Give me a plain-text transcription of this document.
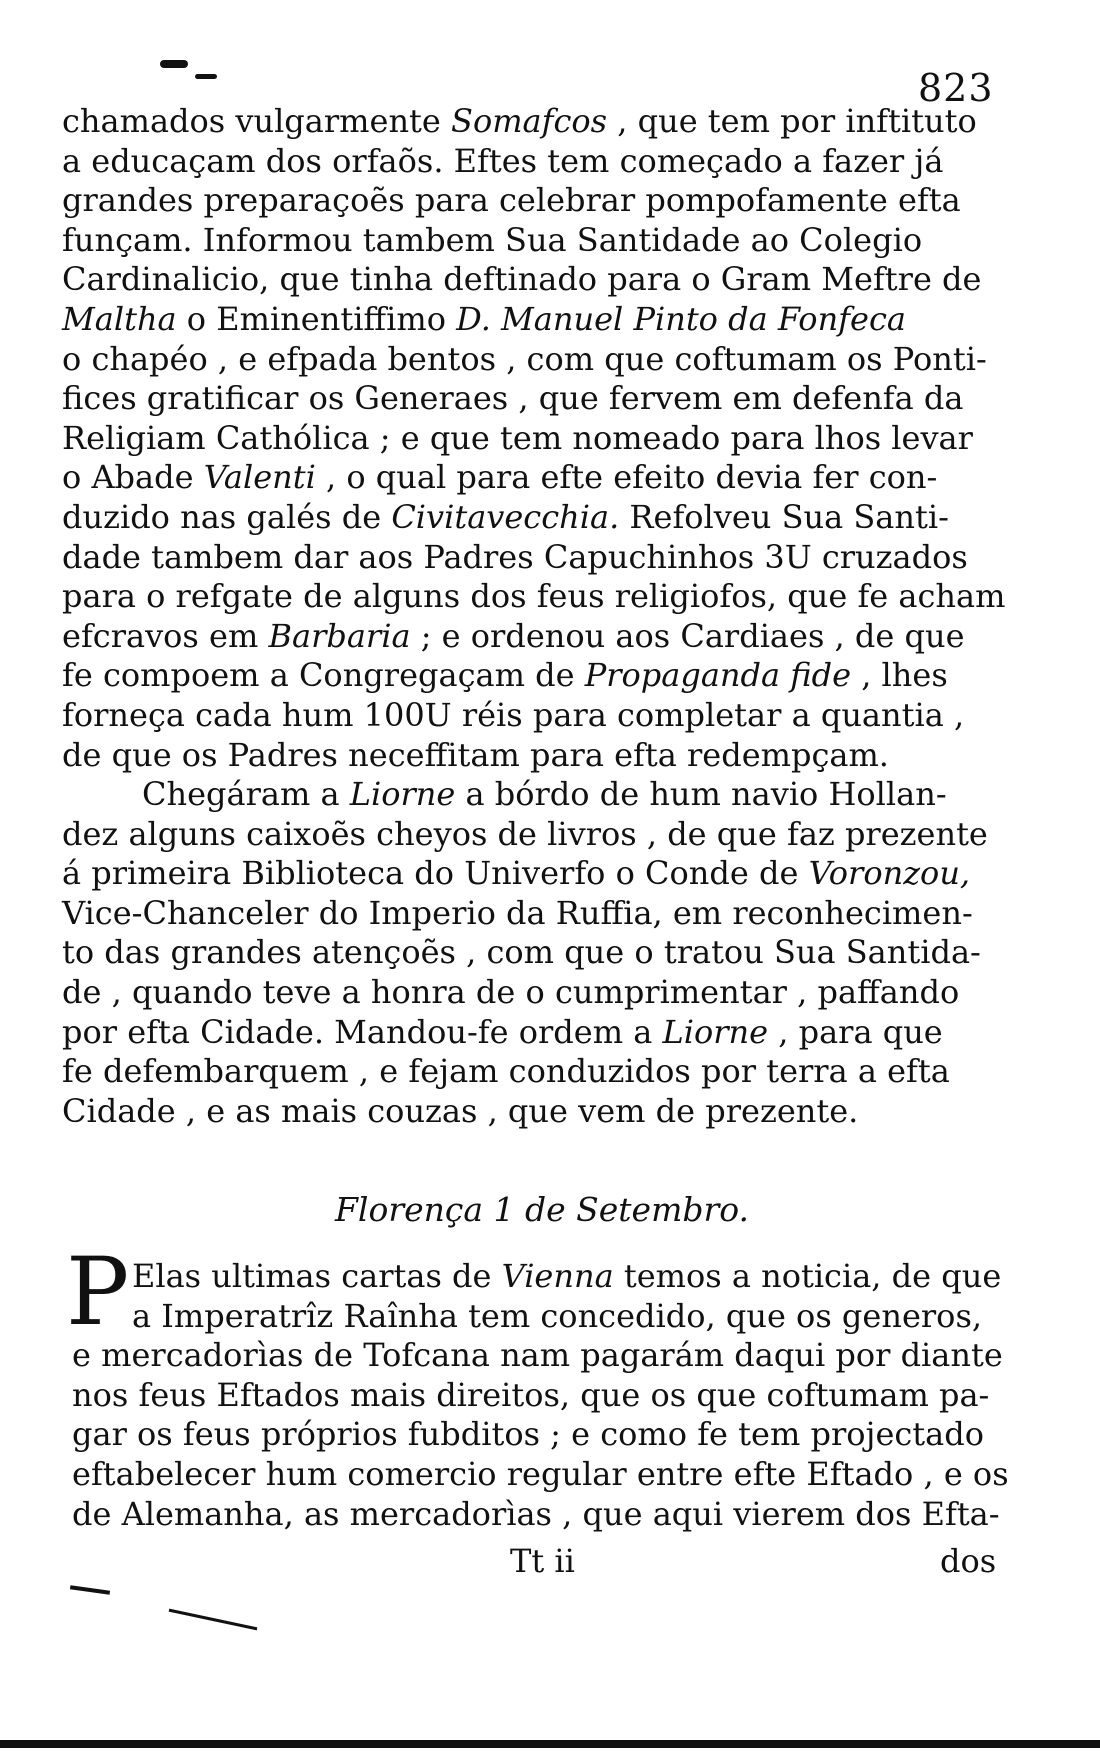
823
chamados vulgarmente Somafcos , que tem por inftituto
a educaçam dos orfaõs. Eftes tem começado a fazer já
grandes preparaçoẽs para celebrar pompofamente efta
funçam. Informou tambem Sua Santidade ao Colegio
Cardinalicio, que tinha deftinado para o Gram Meftre de
Maltha o Eminentiffimo D. Manuel Pinto da Fonfeca
o chapéo , e efpada bentos , com que coftumam os Ponti-
fices gratificar os Generaes , que fervem em defenfa da
Religiam Cathólica ; e que tem nomeado para lhos levar
o Abade Valenti , o qual para efte efeito devia fer con-
duzido nas galés de Civitavecchia. Refolveu Sua Santi-
dade tambem dar aos Padres Capuchinhos 3U cruzados
para o refgate de alguns dos feus religiofos, que fe acham
efcravos em Barbaria ; e ordenou aos Cardiaes , de que
fe compoem a Congregaçam de Propaganda fide , lhes
forneça cada hum 100U réis para completar a quantia ,
de que os Padres neceffitam para efta redempçam.
Chegáram a Liorne a bórdo de hum navio Hollan-
dez alguns caixoẽs cheyos de livros , de que faz prezente
á primeira Biblioteca do Univerfo o Conde de Voronzou,
Vice-Chanceler do Imperio da Ruffia, em reconhecimen-
to das grandes atençoẽs , com que o tratou Sua Santida-
de , quando teve a honra de o cumprimentar , paffando
por efta Cidade. Mandou-fe ordem a Liorne , para que
fe defembarquem , e fejam conduzidos por terra a efta
Cidade , e as mais couzas , que vem de prezente.
Florença 1 de Setembro.
P Elas ultimas cartas de Vienna temos a noticia, de que
a Imperatrîz Raînha tem concedido, que os generos,
e mercadorìas de Tofcana nam pagarám daqui por diante
nos feus Eftados mais direitos, que os que coftumam pa-
gar os feus próprios fubditos ; e como fe tem projectado
eftabelecer hum comercio regular entre efte Eftado , e os
de Alemanha, as mercadorìas , que aqui vierem dos Efta-
Tt ii	dos
